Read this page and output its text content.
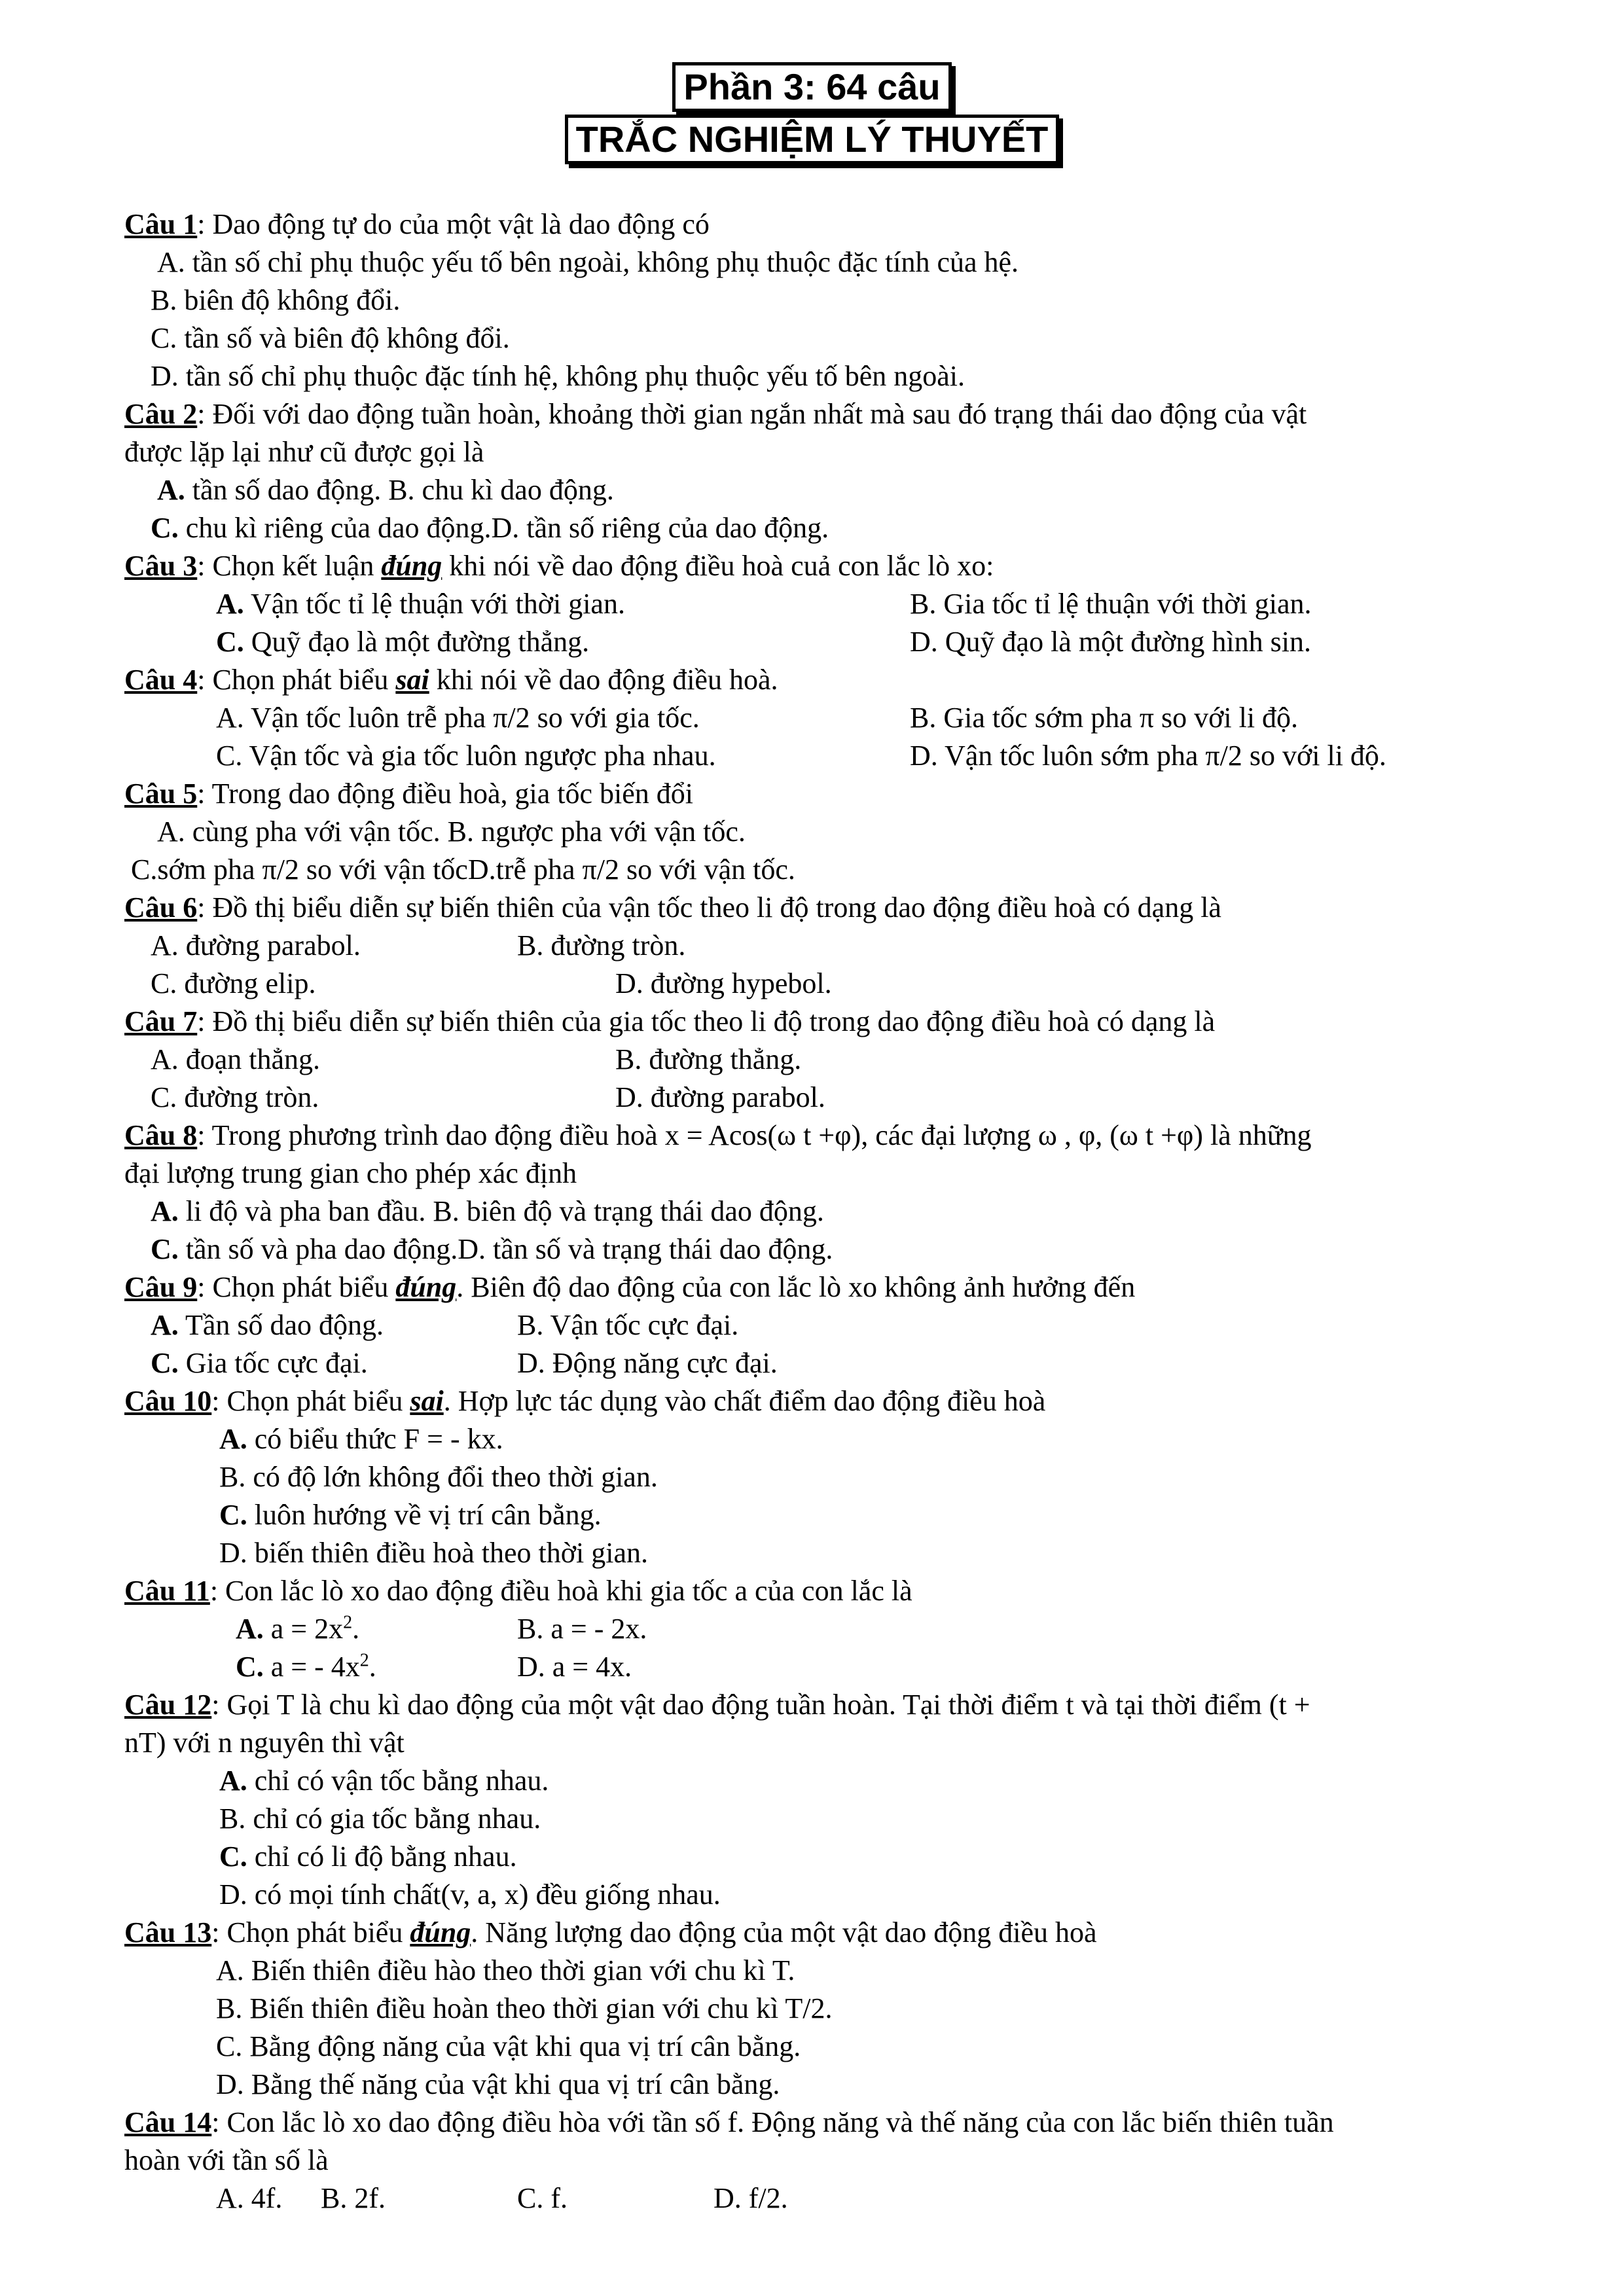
Phần 3: 64 câu
TRẮC NGHIỆM LÝ THUYẾT
Câu 1: Dao động tự do của một vật là dao động có
A. tần số chỉ phụ thuộc yếu tố bên ngoài, không phụ thuộc đặc tính của hệ.
B. biên độ không đổi.
C. tần số và biên độ không đổi.
D. tần số chỉ phụ thuộc đặc tính hệ, không phụ thuộc yếu tố bên ngoài.
Câu 2: Đối với dao động tuần hoàn, khoảng thời gian ngắn nhất mà sau đó trạng thái dao động của vật
được lặp lại như cũ được gọi là
A. tần số dao động. B. chu kì dao động.
C. chu kì riêng của dao động.D. tần số riêng của dao động.
Câu 3: Chọn kết luận đúng khi nói về dao động điều hoà cuả con lắc lò xo:
A. Vận tốc tỉ lệ thuận với thời gian.	B. Gia tốc tỉ lệ thuận với thời gian.
C. Quỹ đạo là một đường thẳng.	D. Quỹ đạo là một đường hình sin.
Câu 4: Chọn phát biểu sai khi nói về dao động điều hoà.
A. Vận tốc luôn trễ pha π/2 so với gia tốc.	B. Gia tốc sớm pha π so với li độ.
C. Vận tốc và gia tốc luôn ngược pha nhau.	D. Vận tốc luôn sớm pha π/2 so với li độ.
Câu 5: Trong dao động điều hoà, gia tốc biến đổi
A. cùng pha với vận tốc. B. ngược pha với vận tốc.
C.sớm pha π/2 so với vận tốcD.trễ pha π/2 so với vận tốc.
Câu 6: Đồ thị biểu diễn sự biến thiên của vận tốc theo li độ trong dao động điều hoà có dạng là
A. đường parabol.	B. đường tròn.
C. đường elip.	D. đường hypebol.
Câu 7: Đồ thị biểu diễn sự biến thiên của gia tốc theo li độ trong dao động điều hoà có dạng là
A. đoạn thẳng.	B. đường thẳng.
C. đường tròn.	D. đường parabol.
Câu 8: Trong phương trình dao động điều hoà x = Acos(ω t +φ), các đại lượng ω , φ, (ω t +φ) là những
đại lượng trung gian cho phép xác định
A. li độ và pha ban đầu. B. biên độ và trạng thái dao động.
C. tần số và pha dao động.D. tần số và trạng thái dao động.
Câu 9: Chọn phát biểu đúng. Biên độ dao động của con lắc lò xo không ảnh hưởng đến
A. Tần số dao động.	B. Vận tốc cực đại.
C. Gia tốc cực đại.	D. Động năng cực đại.
Câu 10: Chọn phát biểu sai. Hợp lực tác dụng vào chất điểm dao động điều hoà
A. có biểu thức F = - kx.
B. có độ lớn không đổi theo thời gian.
C. luôn hướng về vị trí cân bằng.
D. biến thiên điều hoà theo thời gian.
Câu 11: Con lắc lò xo dao động điều hoà khi gia tốc a của con lắc là
A. $a = 2x^2$.	B. a = - 2x.
C. a = - $4x^2$.	D. a = 4x.
Câu 12: Gọi T là chu kì dao động của một vật dao động tuần hoàn. Tại thời điểm t và tại thời điểm (t +
nT) với n nguyên thì vật
A. chỉ có vận tốc bằng nhau.
B. chỉ có gia tốc bằng nhau.
C. chỉ có li độ bằng nhau.
D. có mọi tính chất(v, a, x) đều giống nhau.
Câu 13: Chọn phát biểu đúng. Năng lượng dao động của một vật dao động điều hoà
A. Biến thiên điều hào theo thời gian với chu kì T.
B. Biến thiên điều hoàn theo thời gian với chu kì T/2.
C. Bằng động năng của vật khi qua vị trí cân bằng.
D. Bằng thế năng của vật khi qua vị trí cân bằng.
Câu 14: Con lắc lò xo dao động điều hòa với tần số f. Động năng và thế năng của con lắc biến thiên tuần
hoàn với tần số là
A. 4f.	B. 2f.	C. f.	D. f/2.
